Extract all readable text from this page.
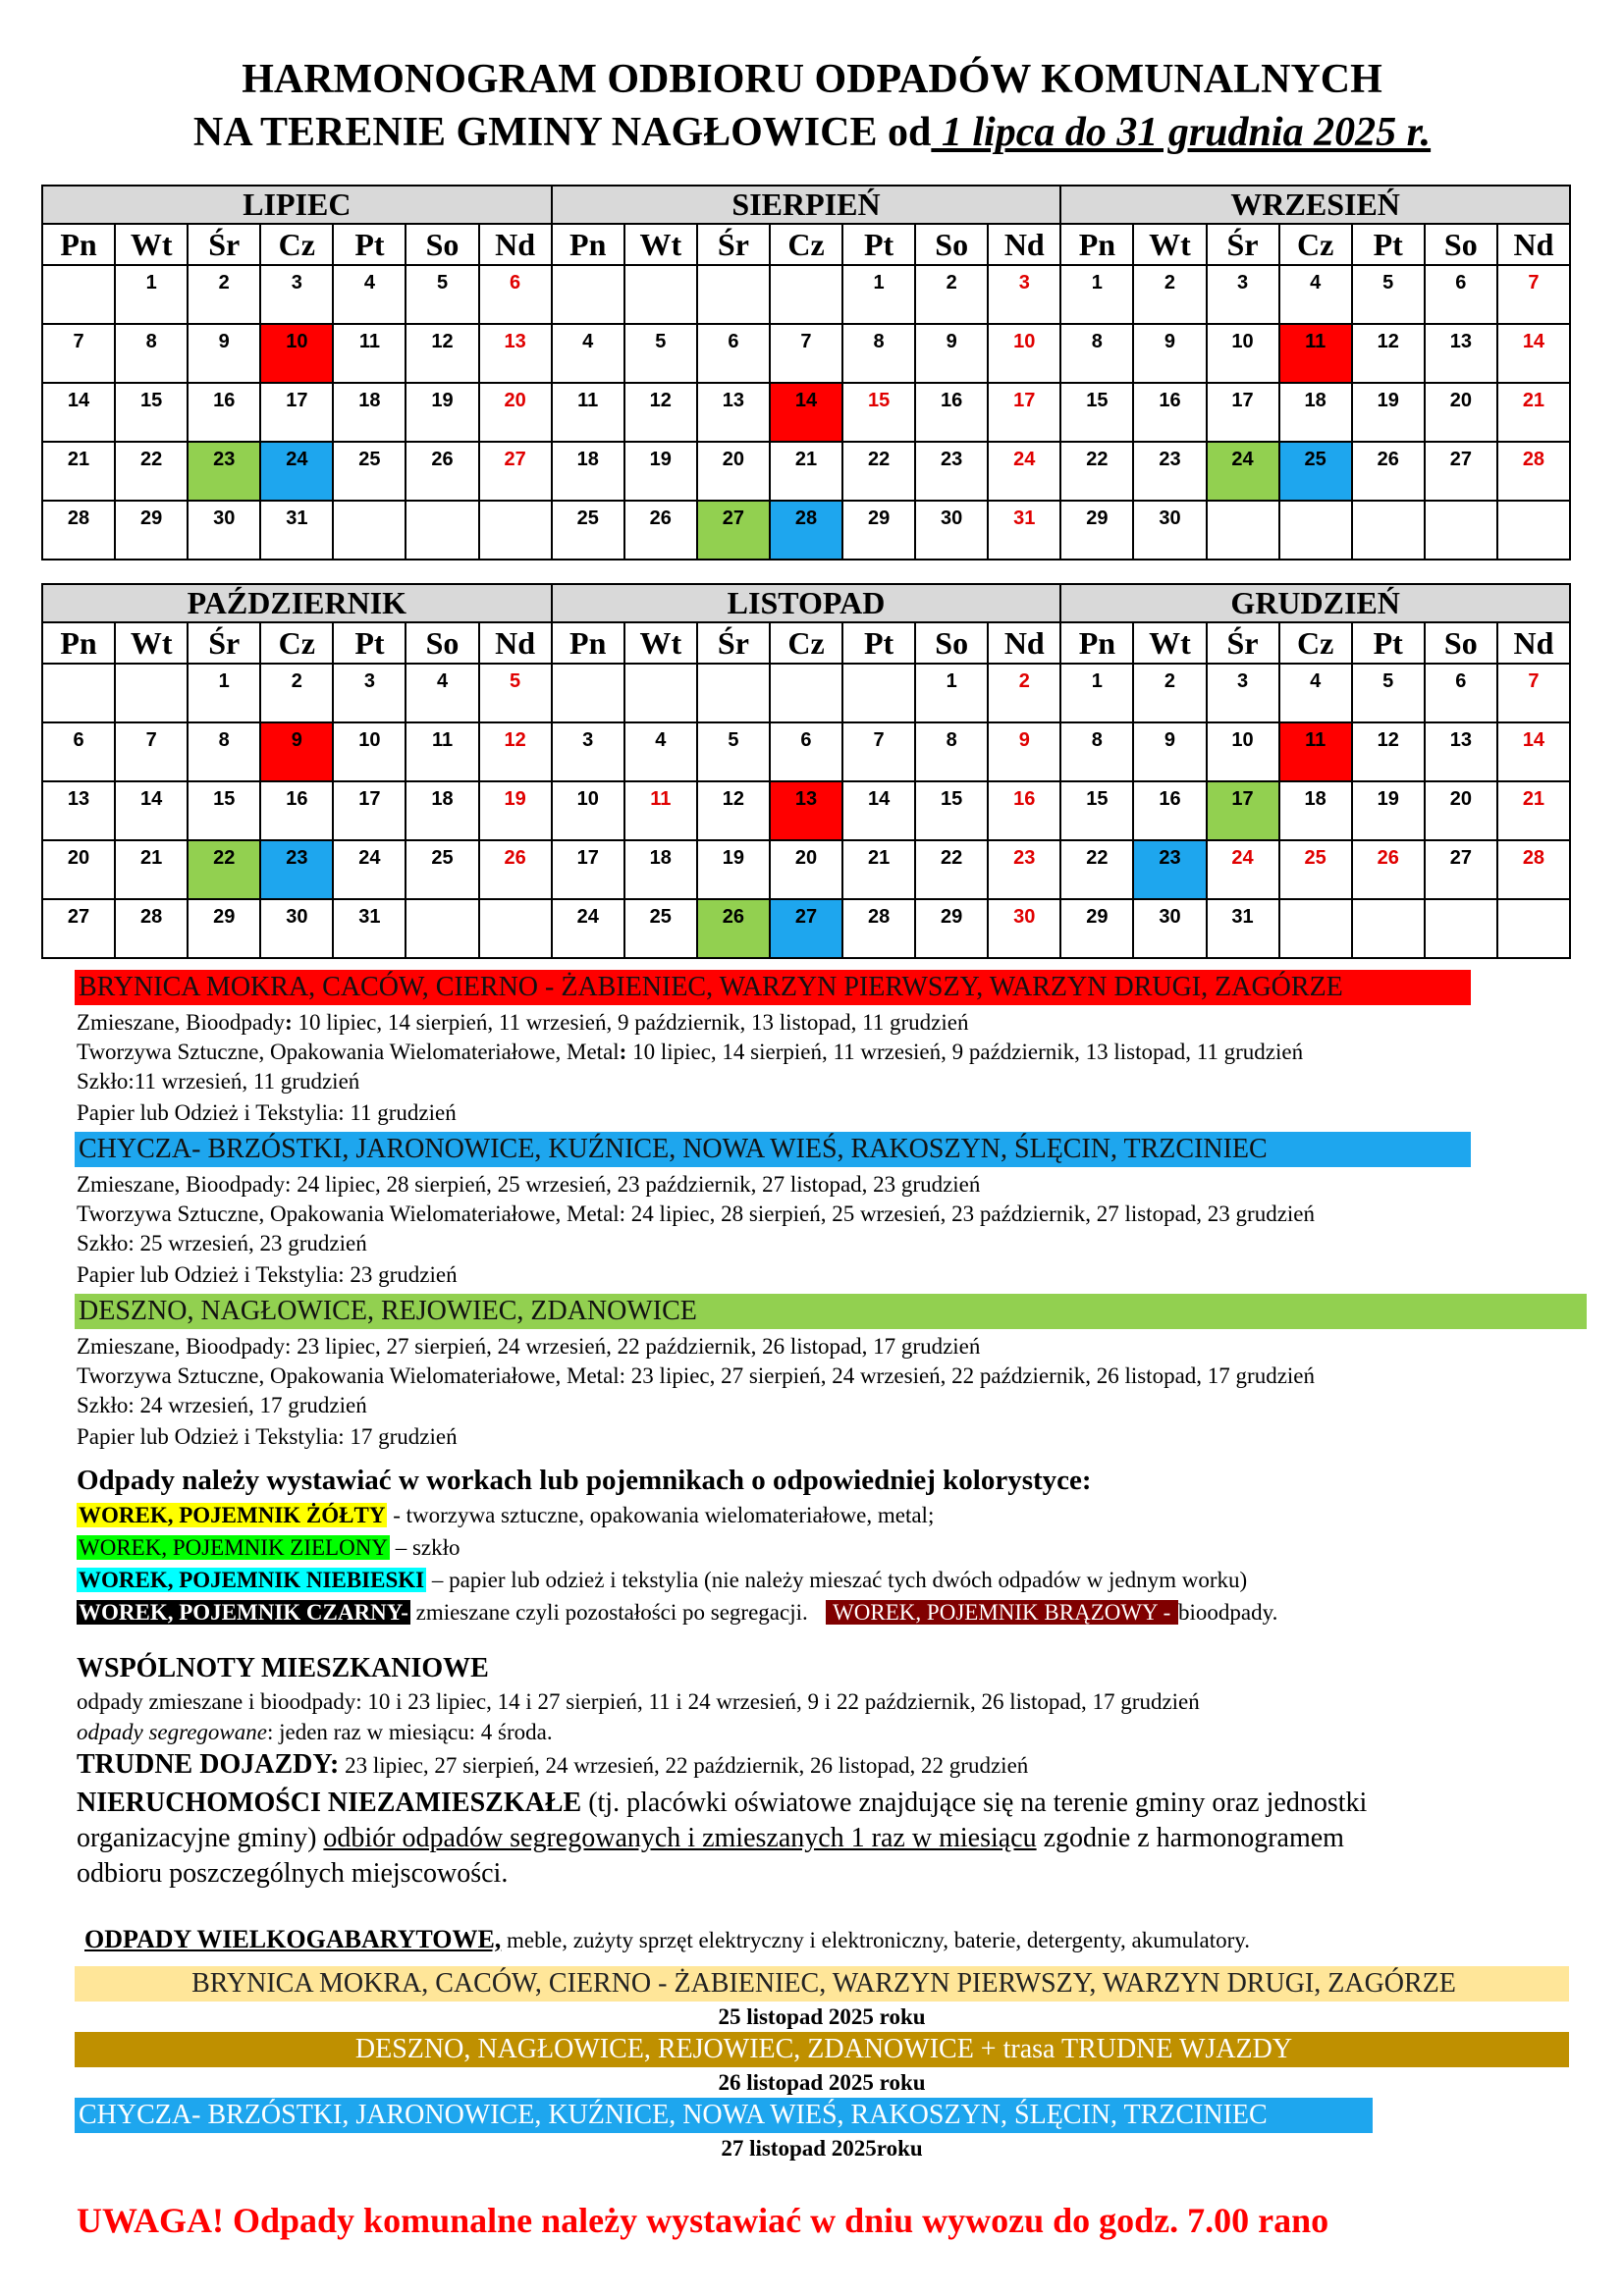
HARMONOGRAM ODBIORU ODPADÓW KOMUNALNYCH
NA TERENIE GMINY NAGŁOWICE od 1 lipca do 31 grudnia 2025 r.
LIPIEC							SIERPIEŃ							WRZESIEŃ						
Pn	Wt	Śr	Cz	Pt	So	Nd	Pn	Wt	Śr	Cz	Pt	So	Nd	Pn	Wt	Śr	Cz	Pt	So	Nd
	1	2	3	4	5	6					1	2	3	1	2	3	4	5	6	7
7	8	9	10	11	12	13	4	5	6	7	8	9	10	8	9	10	11	12	13	14
14	15	16	17	18	19	20	11	12	13	14	15	16	17	15	16	17	18	19	20	21
21	22	23	24	25	26	27	18	19	20	21	22	23	24	22	23	24	25	26	27	28
28	29	30	31				25	26	27	28	29	30	31	29	30					
PAŹDZIERNIK							LISTOPAD							GRUDZIEŃ						
Pn	Wt	Śr	Cz	Pt	So	Nd	Pn	Wt	Śr	Cz	Pt	So	Nd	Pn	Wt	Śr	Cz	Pt	So	Nd
		1	2	3	4	5						1	2	1	2	3	4	5	6	7
6	7	8	9	10	11	12	3	4	5	6	7	8	9	8	9	10	11	12	13	14
13	14	15	16	17	18	19	10	11	12	13	14	15	16	15	16	17	18	19	20	21
20	21	22	23	24	25	26	17	18	19	20	21	22	23	22	23	24	25	26	27	28
27	28	29	30	31			24	25	26	27	28	29	30	29	30	31				
BRYNICA MOKRA, CACÓW, CIERNO - ŻABIENIEC, WARZYN PIERWSZY, WARZYN DRUGI, ZAGÓRZE
Zmieszane, Bioodpady: 10 lipiec, 14 sierpień, 11 wrzesień, 9 październik, 13 listopad, 11 grudzień
Tworzywa Sztuczne, Opakowania Wielomateriałowe, Metal: 10 lipiec, 14 sierpień, 11 wrzesień, 9 październik, 13 listopad, 11 grudzień
Szkło:11 wrzesień, 11 grudzień
Papier lub Odzież i Tekstylia: 11 grudzień
CHYCZA- BRZÓSTKI, JARONOWICE, KUŹNICE, NOWA WIEŚ, RAKOSZYN, ŚLĘCIN, TRZCINIEC
Zmieszane, Bioodpady: 24 lipiec, 28 sierpień, 25 wrzesień, 23 październik, 27 listopad, 23 grudzień
Tworzywa Sztuczne, Opakowania Wielomateriałowe, Metal: 24 lipiec, 28 sierpień, 25 wrzesień, 23 październik, 27 listopad, 23 grudzień
Szkło: 25 wrzesień, 23 grudzień
Papier lub Odzież i Tekstylia: 23 grudzień
DESZNO, NAGŁOWICE, REJOWIEC, ZDANOWICE
Zmieszane, Bioodpady: 23 lipiec, 27 sierpień, 24 wrzesień, 22 październik, 26 listopad, 17 grudzień
Tworzywa Sztuczne, Opakowania Wielomateriałowe, Metal: 23 lipiec, 27 sierpień, 24 wrzesień, 22 październik, 26 listopad, 17 grudzień
Szkło: 24 wrzesień, 17 grudzień
Papier lub Odzież i Tekstylia: 17 grudzień
Odpady należy wystawiać w workach lub pojemnikach o odpowiedniej kolorystyce:
WOREK, POJEMNIK ŻÓŁTY - tworzywa sztuczne, opakowania wielomateriałowe, metal;
WOREK, POJEMNIK ZIELONY – szkło
WOREK, POJEMNIK NIEBIESKI – papier lub odzież i tekstylia (nie należy mieszać tych dwóch odpadów w jednym worku)
WOREK, POJEMNIK CZARNY- zmieszane czyli pozostałości po segregacji. WOREK, POJEMNIK BRĄZOWY - bioodpady.
WSPÓLNOTY MIESZKANIOWE
odpady zmieszane i bioodpady: 10 i 23 lipiec, 14 i 27 sierpień, 11 i 24 wrzesień, 9 i 22 październik, 26 listopad, 17 grudzień
odpady segregowane: jeden raz w miesiącu: 4 środa.
TRUDNE DOJAZDY: 23 lipiec, 27 sierpień, 24 wrzesień, 22 październik, 26 listopad, 22 grudzień
NIERUCHOMOŚCI NIEZAMIESZKAŁE (tj. placówki oświatowe znajdujące się na terenie gminy oraz jednostki
organizacyjne gminy) odbiór odpadów segregowanych i zmieszanych 1 raz w miesiącu zgodnie z harmonogramem
odbioru poszczególnych miejscowości.
ODPADY WIELKOGABARYTOWE, meble, zużyty sprzęt elektryczny i elektroniczny, baterie, detergenty, akumulatory.
BRYNICA MOKRA, CACÓW, CIERNO - ŻABIENIEC, WARZYN PIERWSZY, WARZYN DRUGI, ZAGÓRZE
25 listopad 2025 roku
DESZNO, NAGŁOWICE, REJOWIEC, ZDANOWICE + trasa TRUDNE WJAZDY
26 listopad 2025 roku
CHYCZA- BRZÓSTKI, JARONOWICE, KUŹNICE, NOWA WIEŚ, RAKOSZYN, ŚLĘCIN, TRZCINIEC
27 listopad 2025roku
UWAGA! Odpady komunalne należy wystawiać w dniu wywozu do godz. 7.00 rano
